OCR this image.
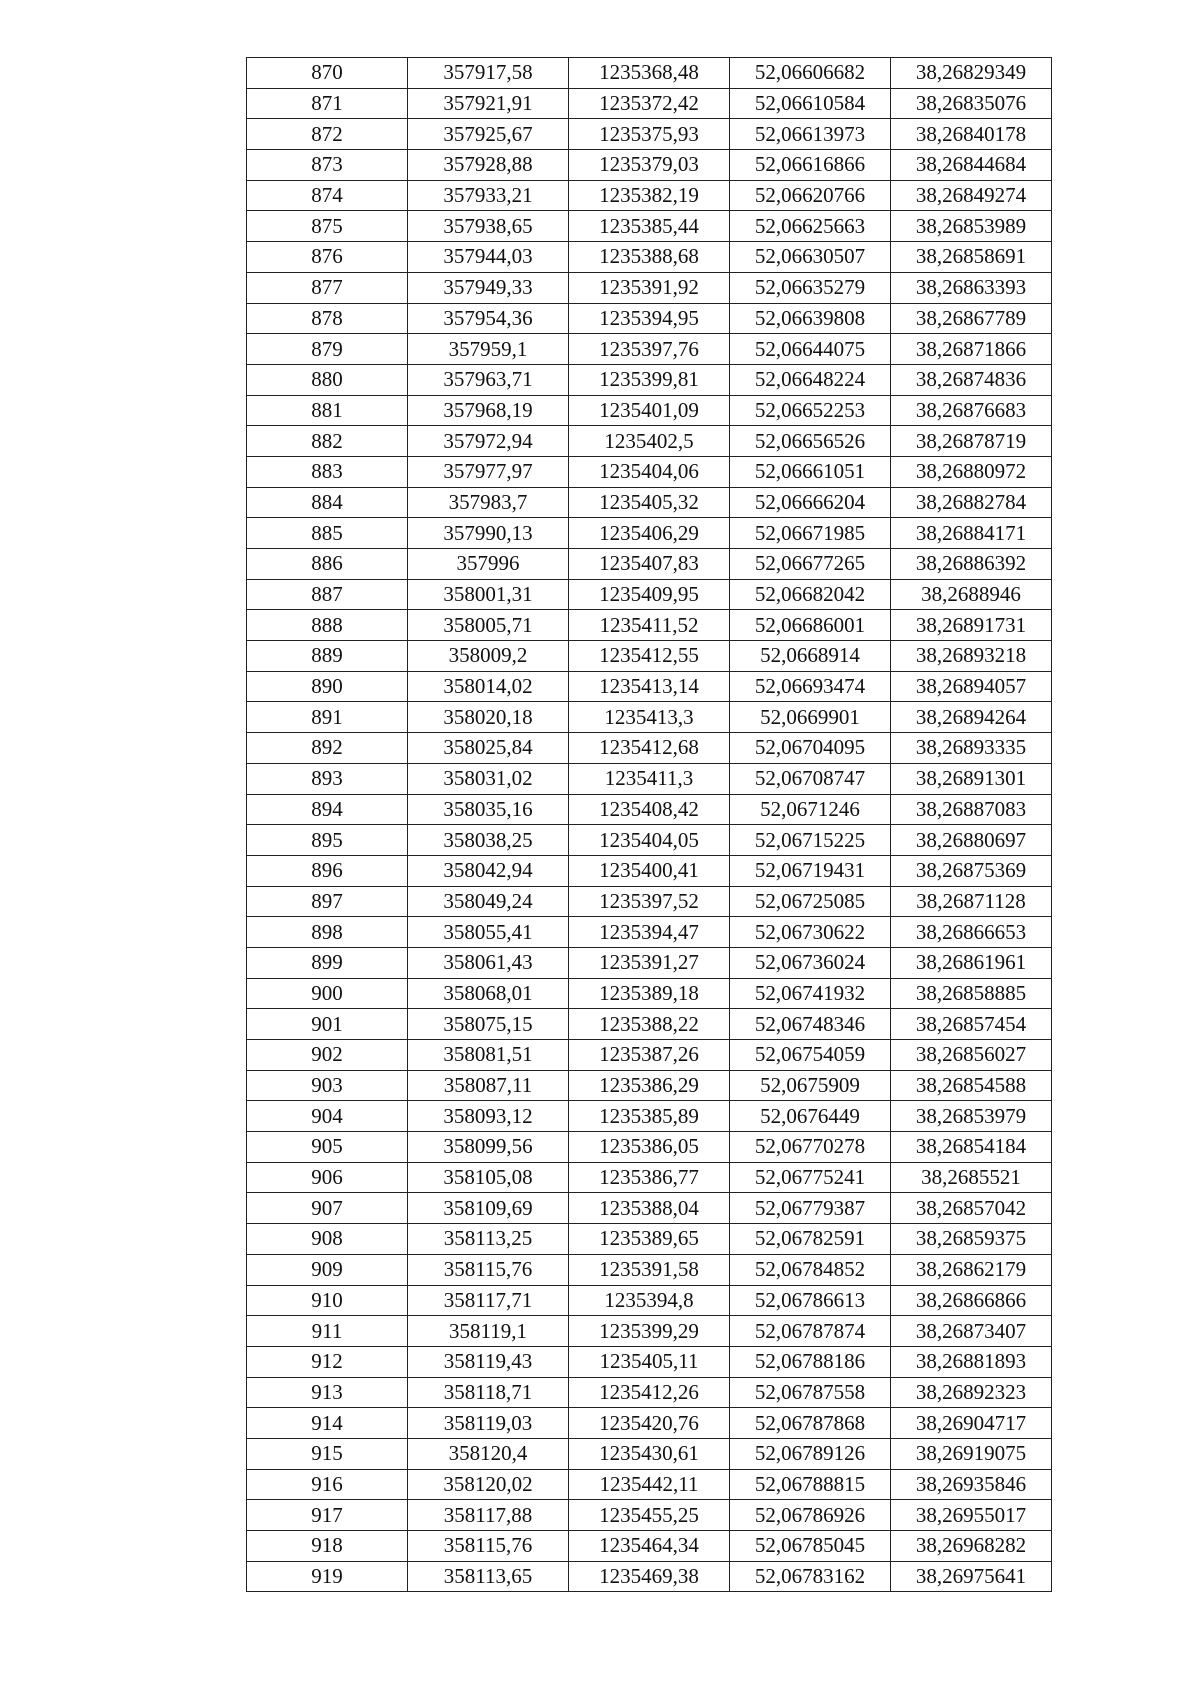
870	357917,58	1235368,48	52,06606682	38,26829349
871	357921,91	1235372,42	52,06610584	38,26835076
872	357925,67	1235375,93	52,06613973	38,26840178
873	357928,88	1235379,03	52,06616866	38,26844684
874	357933,21	1235382,19	52,06620766	38,26849274
875	357938,65	1235385,44	52,06625663	38,26853989
876	357944,03	1235388,68	52,06630507	38,26858691
877	357949,33	1235391,92	52,06635279	38,26863393
878	357954,36	1235394,95	52,06639808	38,26867789
879	357959,1	1235397,76	52,06644075	38,26871866
880	357963,71	1235399,81	52,06648224	38,26874836
881	357968,19	1235401,09	52,06652253	38,26876683
882	357972,94	1235402,5	52,06656526	38,26878719
883	357977,97	1235404,06	52,06661051	38,26880972
884	357983,7	1235405,32	52,06666204	38,26882784
885	357990,13	1235406,29	52,06671985	38,26884171
886	357996	1235407,83	52,06677265	38,26886392
887	358001,31	1235409,95	52,06682042	38,2688946
888	358005,71	1235411,52	52,06686001	38,26891731
889	358009,2	1235412,55	52,0668914	38,26893218
890	358014,02	1235413,14	52,06693474	38,26894057
891	358020,18	1235413,3	52,0669901	38,26894264
892	358025,84	1235412,68	52,06704095	38,26893335
893	358031,02	1235411,3	52,06708747	38,26891301
894	358035,16	1235408,42	52,0671246	38,26887083
895	358038,25	1235404,05	52,06715225	38,26880697
896	358042,94	1235400,41	52,06719431	38,26875369
897	358049,24	1235397,52	52,06725085	38,26871128
898	358055,41	1235394,47	52,06730622	38,26866653
899	358061,43	1235391,27	52,06736024	38,26861961
900	358068,01	1235389,18	52,06741932	38,26858885
901	358075,15	1235388,22	52,06748346	38,26857454
902	358081,51	1235387,26	52,06754059	38,26856027
903	358087,11	1235386,29	52,0675909	38,26854588
904	358093,12	1235385,89	52,0676449	38,26853979
905	358099,56	1235386,05	52,06770278	38,26854184
906	358105,08	1235386,77	52,06775241	38,2685521
907	358109,69	1235388,04	52,06779387	38,26857042
908	358113,25	1235389,65	52,06782591	38,26859375
909	358115,76	1235391,58	52,06784852	38,26862179
910	358117,71	1235394,8	52,06786613	38,26866866
911	358119,1	1235399,29	52,06787874	38,26873407
912	358119,43	1235405,11	52,06788186	38,26881893
913	358118,71	1235412,26	52,06787558	38,26892323
914	358119,03	1235420,76	52,06787868	38,26904717
915	358120,4	1235430,61	52,06789126	38,26919075
916	358120,02	1235442,11	52,06788815	38,26935846
917	358117,88	1235455,25	52,06786926	38,26955017
918	358115,76	1235464,34	52,06785045	38,26968282
919	358113,65	1235469,38	52,06783162	38,26975641
